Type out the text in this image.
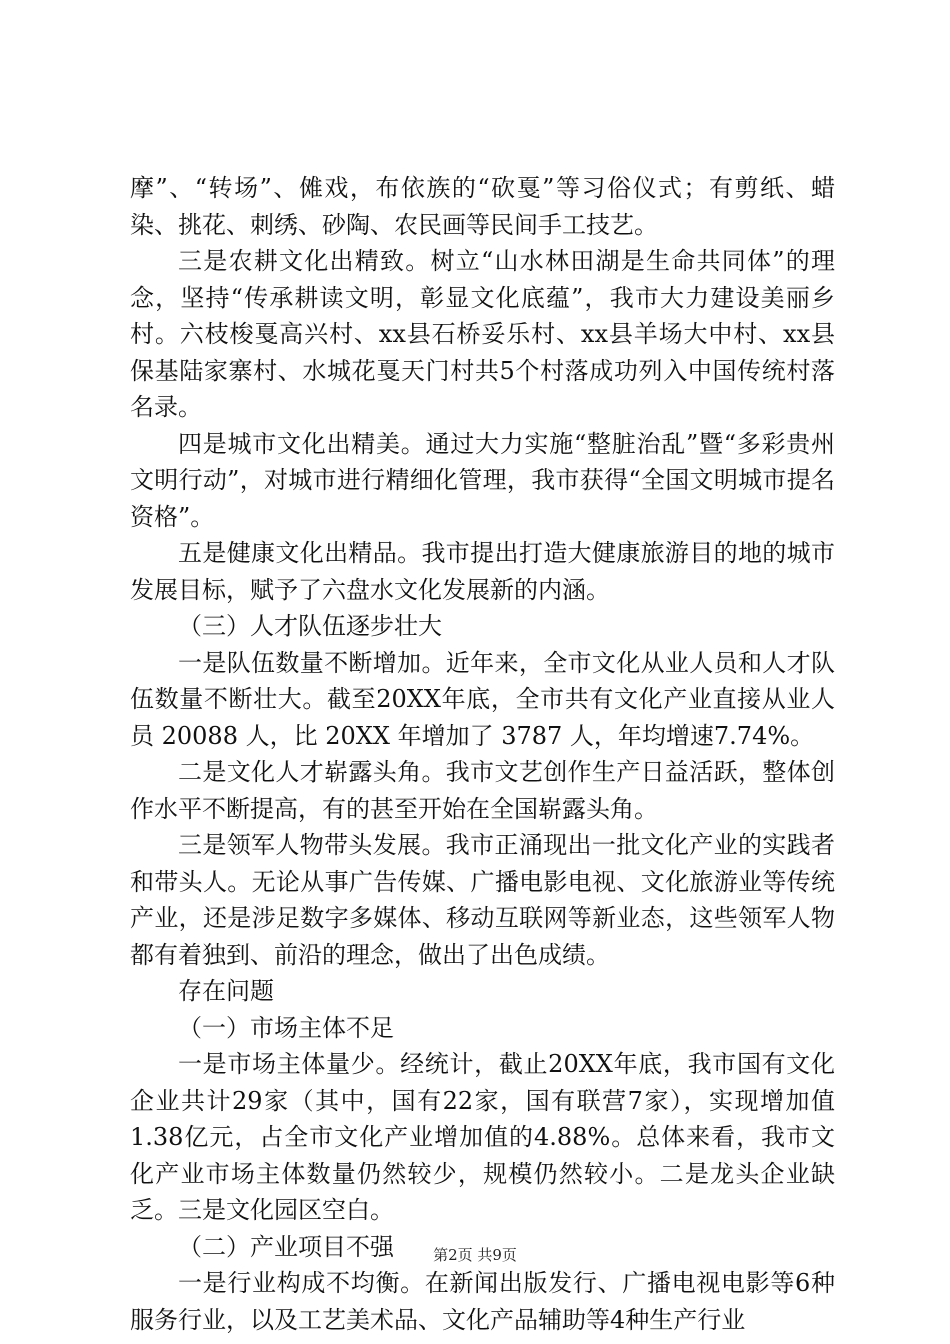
摩”、“转场”、傩戏，布依族的“砍戛”等习俗仪式；有剪纸、蜡染、挑花、刺绣、砂陶、农民画等民间手工技艺。

三是农耕文化出精致。树立“山水林田湖是生命共同体”的理念，坚持“传承耕读文明，彰显文化底蕴”，我市大力建设美丽乡村。六枝梭戛高兴村、xx县石桥妥乐村、xx县羊场大中村、xx县保基陆家寨村、水城花戛天门村共5个村落成功列入中国传统村落名录。

四是城市文化出精美。通过大力实施“整脏治乱”暨“多彩贵州文明行动”，对城市进行精细化管理，我市获得“全国文明城市提名资格”。

五是健康文化出精品。我市提出打造大健康旅游目的地的城市发展目标，赋予了六盘水文化发展新的内涵。

（三）人才队伍逐步壮大

一是队伍数量不断增加。近年来，全市文化从业人员和人才队伍数量不断壮大。截至20XX年底，全市共有文化产业直接从业人员 20088 人，比 20XX 年增加了 3787 人，年均增速7.74%。

二是文化人才崭露头角。我市文艺创作生产日益活跃，整体创作水平不断提高，有的甚至开始在全国崭露头角。

三是领军人物带头发展。我市正涌现出一批文化产业的实践者和带头人。无论从事广告传媒、广播电影电视、文化旅游业等传统产业，还是涉足数字多媒体、移动互联网等新业态，这些领军人物都有着独到、前沿的理念，做出了出色成绩。

存在问题

（一）市场主体不足

一是市场主体量少。经统计，截止20XX年底，我市国有文化企业共计29家（其中，国有22家，国有联营7家），实现增加值1.38亿元，占全市文化产业增加值的4.88%。总体来看，我市文化产业市场主体数量仍然较少，规模仍然较小。二是龙头企业缺乏。三是文化园区空白。

（二）产业项目不强

一是行业构成不均衡。在新闻出版发行、广播电视电影等6种服务行业，以及工艺美术品、文化产品辅助等4种生产行业

第2页 共9页
